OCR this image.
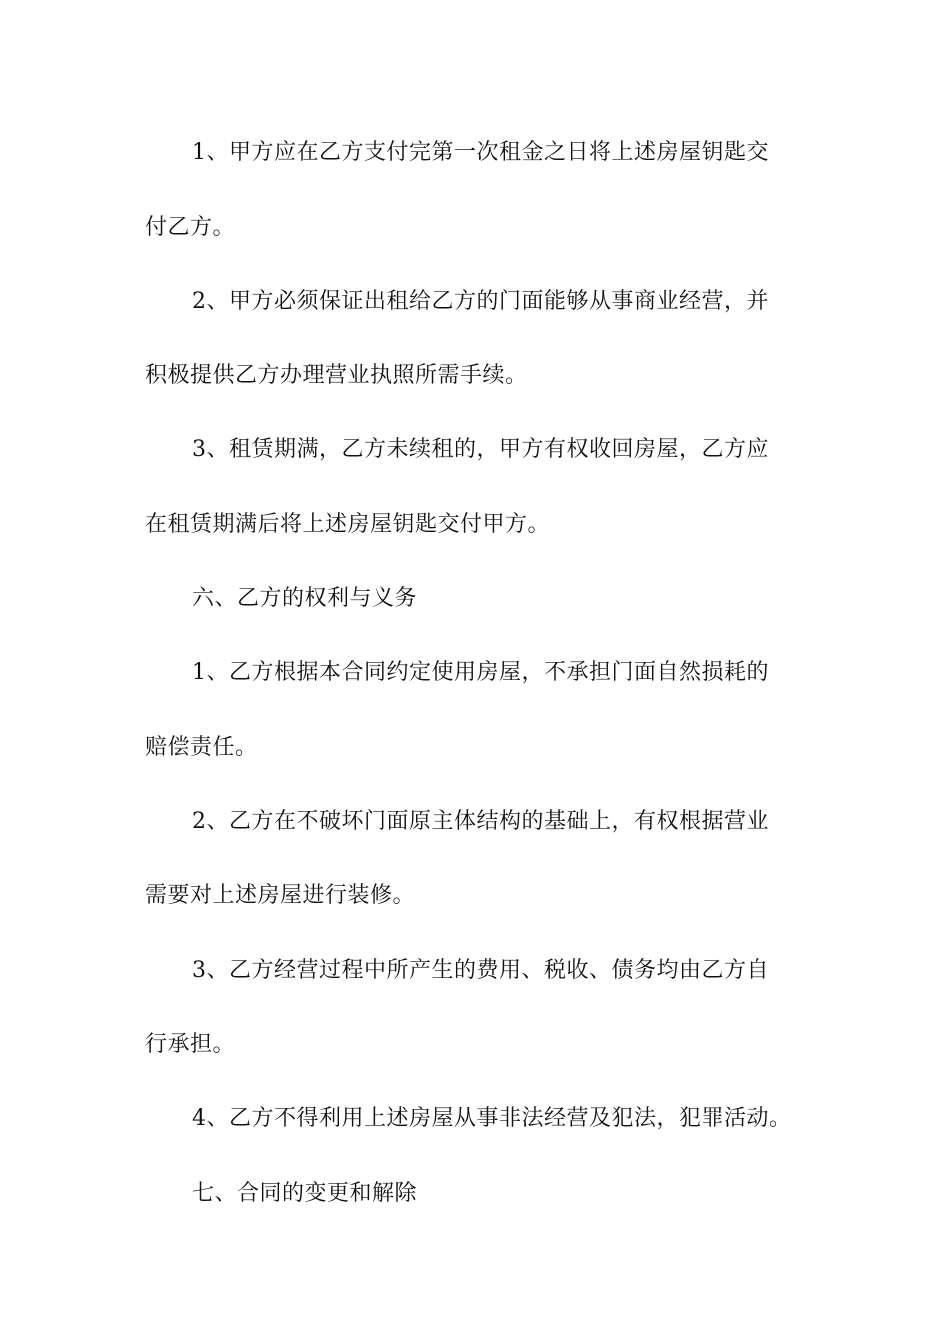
1、甲方应在乙方支付完第一次租金之日将上述房屋钥匙交
付乙方。
2、甲方必须保证出租给乙方的门面能够从事商业经营，并
积极提供乙方办理营业执照所需手续。
3、租赁期满，乙方未续租的，甲方有权收回房屋，乙方应
在租赁期满后将上述房屋钥匙交付甲方。
六、乙方的权利与义务
1、乙方根据本合同约定使用房屋，不承担门面自然损耗的
赔偿责任。
2、乙方在不破坏门面原主体结构的基础上，有权根据营业
需要对上述房屋进行装修。
3、乙方经营过程中所产生的费用、税收、债务均由乙方自
行承担。
4、乙方不得利用上述房屋从事非法经营及犯法，犯罪活动。
七、合同的变更和解除
